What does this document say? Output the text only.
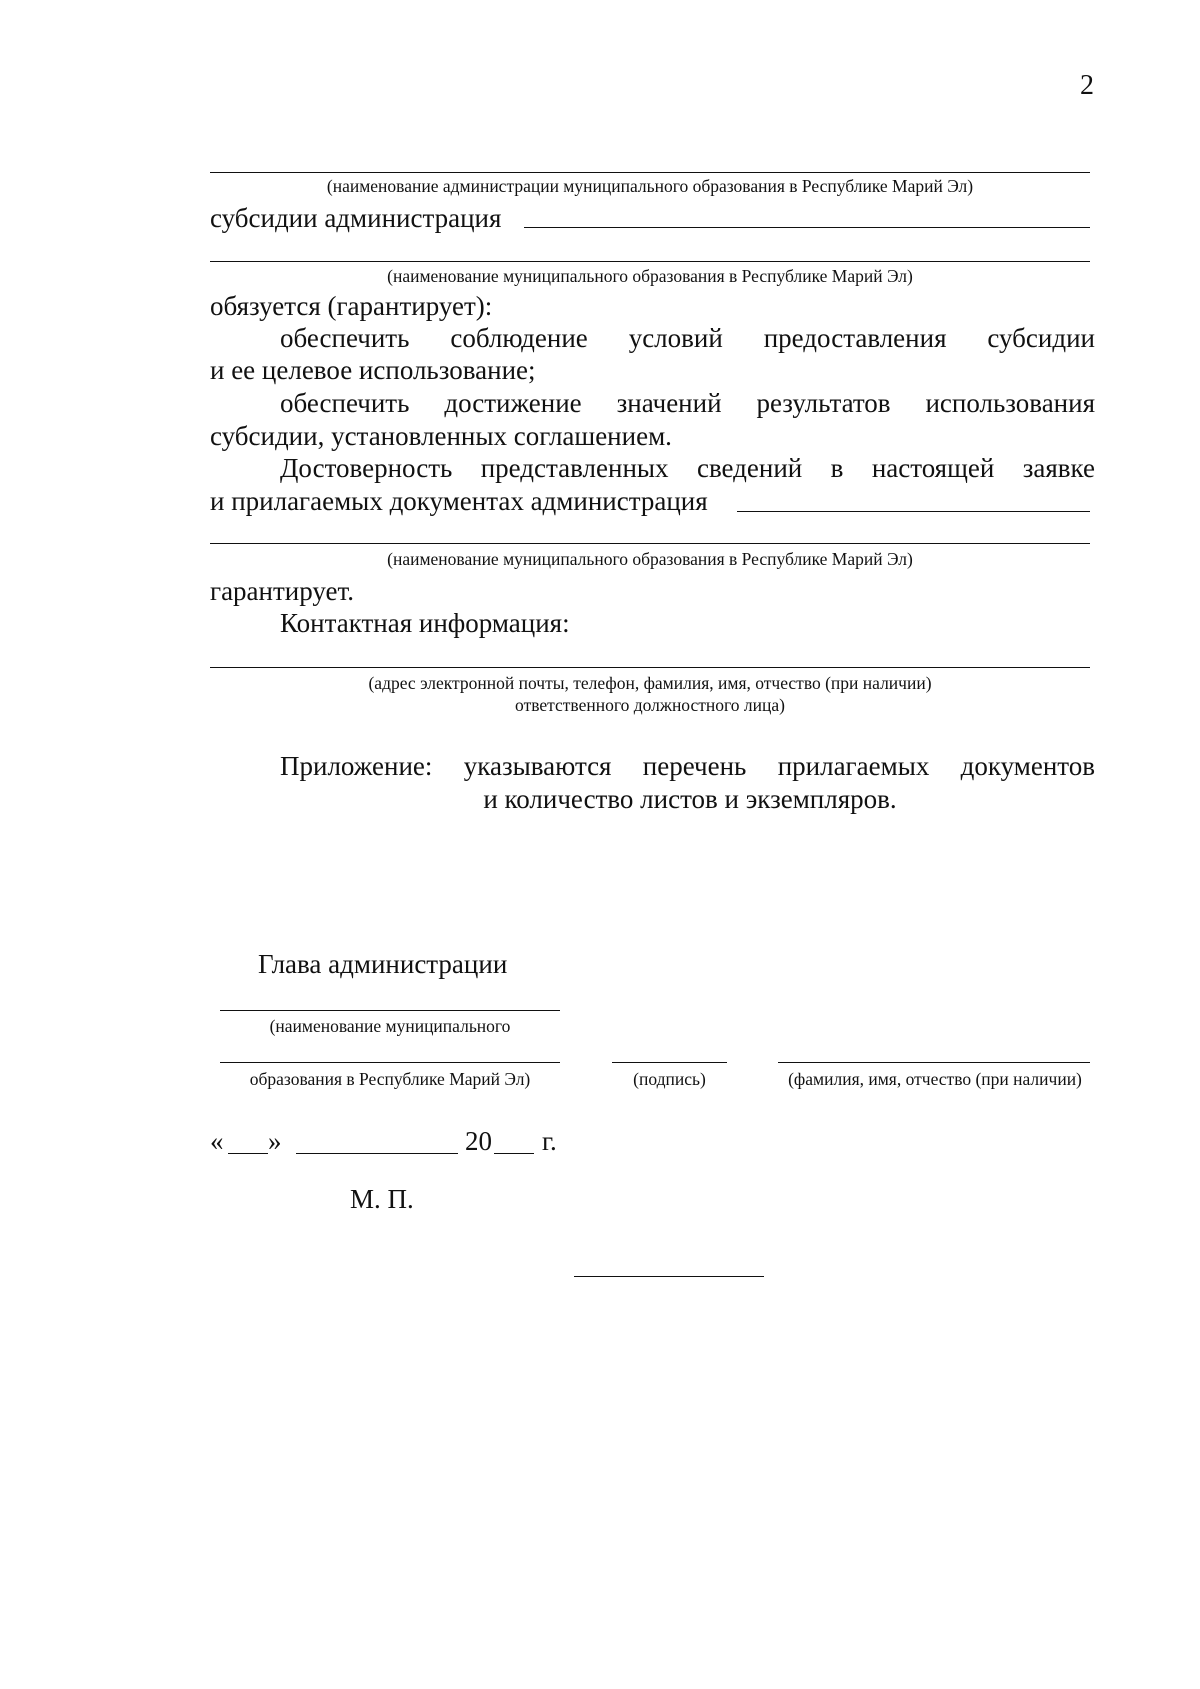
2
(наименование администрации муниципального образования в Республике Марий Эл)
субсидии администрация
(наименование муниципального образования в Республике Марий Эл)
обязуется (гарантирует):
обеспечить соблюдение условий предоставления субсидии
и ее целевое использование;
обеспечить достижение значений результатов использования
субсидии, установленных соглашением.
Достоверность представленных сведений в настоящей заявке
и прилагаемых документах администрация
(наименование муниципального образования в Республике Марий Эл)
гарантирует.
Контактная информация:
(адрес электронной почты, телефон, фамилия, имя, отчество (при наличии)
ответственного должностного лица)
Приложение: указываются перечень прилагаемых документов
и количество листов и экземпляров.
Глава администрации
(наименование муниципального
образования в Республике Марий Эл)	(подпись)	(фамилия, имя, отчество (при наличии)
« »	20 г.
М. П.
